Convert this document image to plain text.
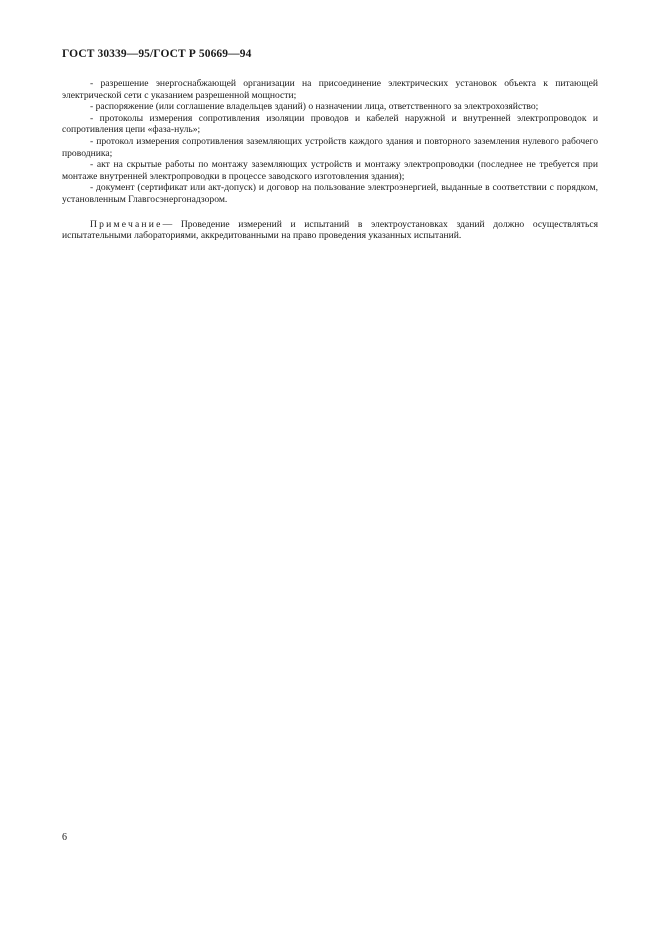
ГОСТ 30339—95/ГОСТ Р 50669—94

- разрешение энергоснабжающей организации на присоединение электрических установок объекта к питающей электрической сети с указанием разрешенной мощности;

- распоряжение (или соглашение владельцев зданий) о назначении лица, ответственного за электрохозяйство;

- протоколы измерения сопротивления изоляции проводов и кабелей наружной и внутренней электропроводок и сопротивления цепи «фаза-нуль»;

- протокол измерения сопротивления заземляющих устройств каждого здания и повторного заземления нулевого рабочего проводника;

- акт на скрытые работы по монтажу заземляющих устройств и монтажу электропроводки (последнее не требуется при монтаже внутренней электропроводки в процессе заводского изготовления здания);

- документ (сертификат или акт-допуск) и договор на пользование электроэнергией, выданные в соответствии с порядком, установленным Главгосэнергонадзором.

Примечание— Проведение измерений и испытаний в электроустановках зданий должно осуществляться испытательными лабораториями, аккредитованными на право проведения указанных испытаний.

6
